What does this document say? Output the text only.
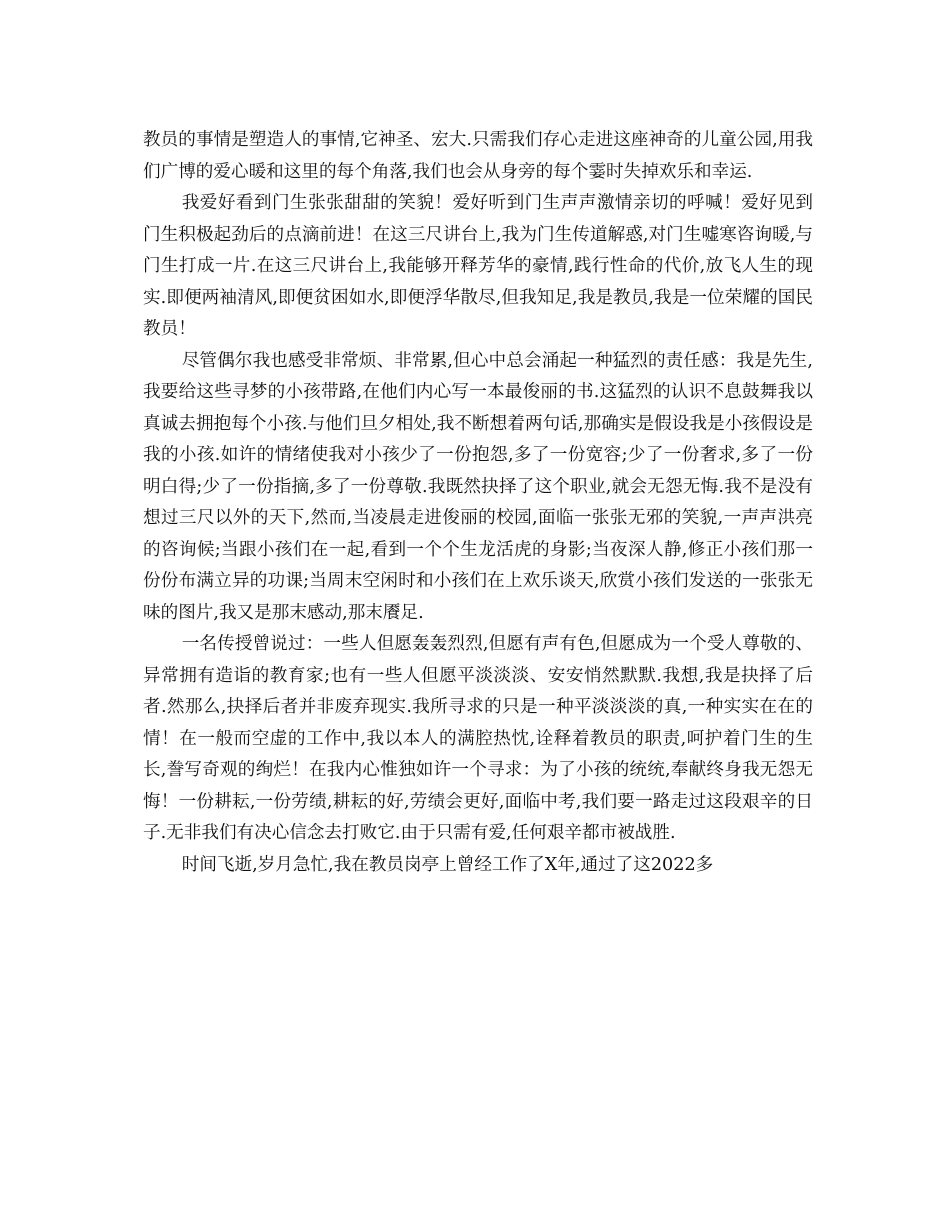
教员的事情是塑造人的事情,它神圣、宏大.只需我们存心走进这座神奇的儿童公园,用我们广博的爱心暖和这里的每个角落,我们也会从身旁的每个霎时失掉欢乐和幸运.

我爱好看到门生张张甜甜的笑貌！爱好听到门生声声激情亲切的呼喊！爱好见到门生积极起劲后的点滴前进！在这三尺讲台上,我为门生传道解惑,对门生嘘寒咨询暖,与门生打成一片.在这三尺讲台上,我能够开释芳华的豪情,践行性命的代价,放飞人生的现实.即便两袖清风,即便贫困如水,即便浮华散尽,但我知足,我是教员,我是一位荣耀的国民教员！

尽管偶尔我也感受非常烦、非常累,但心中总会涌起一种猛烈的责任感：我是先生,我要给这些寻梦的小孩带路,在他们内心写一本最俊丽的书.这猛烈的认识不息鼓舞我以真诚去拥抱每个小孩.与他们旦夕相处,我不断想着两句话,那确实是假设我是小孩假设是我的小孩.如许的情绪使我对小孩少了一份抱怨,多了一份宽容;少了一份奢求,多了一份明白得;少了一份指摘,多了一份尊敬.我既然抉择了这个职业,就会无怨无悔.我不是没有想过三尺以外的天下,然而,当凌晨走进俊丽的校园,面临一张张无邪的笑貌,一声声洪亮的咨询候;当跟小孩们在一起,看到一个个生龙活虎的身影;当夜深人静,修正小孩们那一份份布满立异的功课;当周末空闲时和小孩们在上欢乐谈天,欣赏小孩们发送的一张张无味的图片,我又是那末感动,那末餍足.

一名传授曾说过：一些人但愿轰轰烈烈,但愿有声有色,但愿成为一个受人尊敬的、异常拥有造诣的教育家;也有一些人但愿平淡淡淡、安安悄然默默.我想,我是抉择了后者.然那么,抉择后者并非废弃现实.我所寻求的只是一种平淡淡淡的真,一种实实在在的情！在一般而空虚的工作中,我以本人的满腔热忱,诠释着教员的职责,呵护着门生的生长,誊写奇观的绚烂！在我内心惟独如许一个寻求：为了小孩的统统,奉献终身我无怨无悔！一份耕耘,一份劳绩,耕耘的好,劳绩会更好,面临中考,我们要一路走过这段艰辛的日子.无非我们有决心信念去打败它.由于只需有爱,任何艰辛都市被战胜.

时间飞逝,岁月急忙,我在教员岗亭上曾经工作了X年,通过了这2022多
